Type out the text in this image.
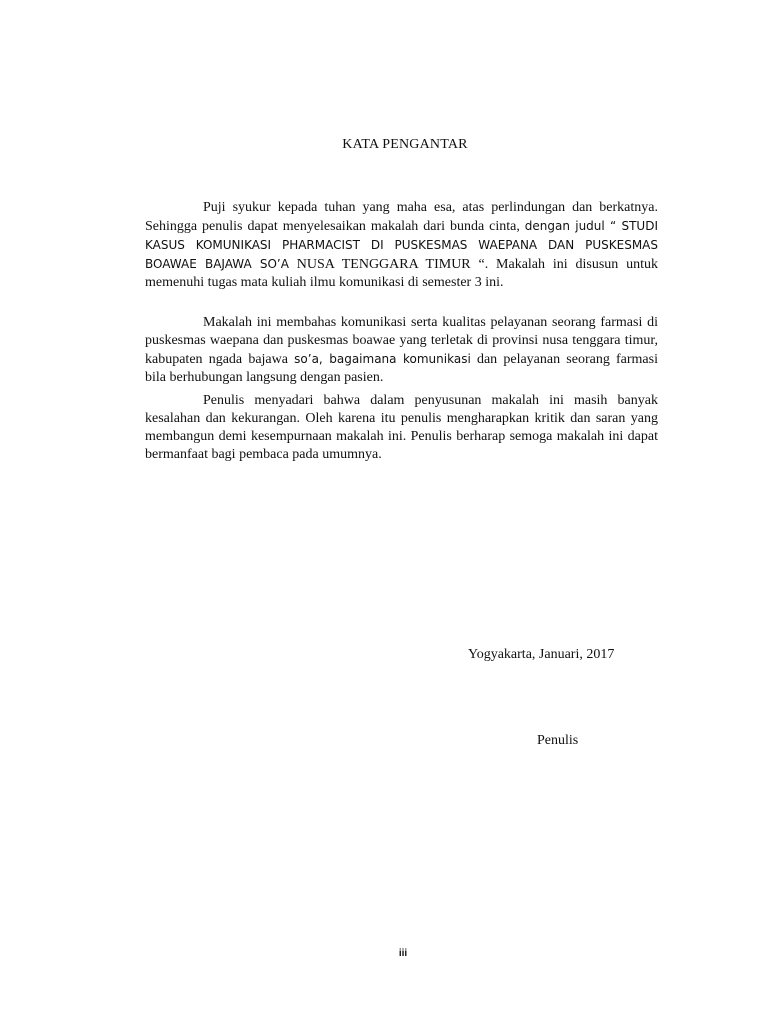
KATA PENGANTAR

Puji syukur kepada tuhan yang maha esa, atas perlindungan dan berkatnya. Sehingga penulis dapat menyelesaikan makalah dari bunda cinta, dengan judul “ STUDI KASUS KOMUNIKASI PHARMACIST DI PUSKESMAS WAEPANA DAN PUSKESMAS BOAWAE BAJAWA SO’A NUSA TENGGARA TIMUR “. Makalah ini disusun untuk memenuhi tugas mata kuliah ilmu komunikasi di semester 3 ini.

Makalah ini membahas komunikasi serta kualitas pelayanan seorang farmasi di puskesmas waepana dan puskesmas boawae yang terletak di provinsi nusa tenggara timur, kabupaten ngada bajawa so’a, bagaimana komunikasi dan pelayanan seorang farmasi bila berhubungan langsung dengan pasien.

Penulis menyadari bahwa dalam penyusunan makalah ini masih banyak kesalahan dan kekurangan. Oleh karena itu penulis mengharapkan kritik dan saran yang membangun demi kesempurnaan makalah ini. Penulis berharap semoga makalah ini dapat bermanfaat bagi pembaca pada umumnya.

Yogyakarta, Januari, 2017
Penulis
iii
